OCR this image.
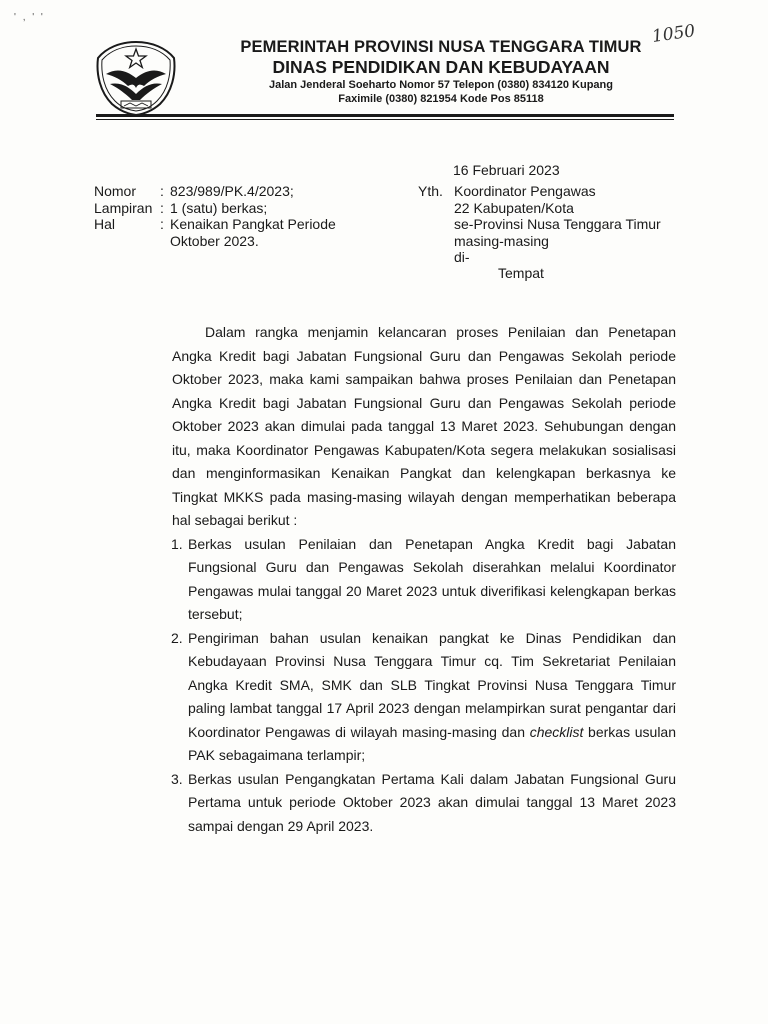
' , ' '
1050
PEMERINTAH PROVINSI NUSA TENGGARA TIMUR
DINAS PENDIDIKAN DAN KEBUDAYAAN
Jalan Jenderal Soeharto Nomor 57 Telepon (0380) 834120 Kupang
Faximile (0380) 821954 Kode Pos 85118
16 Februari 2023
Nomor	: 823/989/PK.4/2023;
Lampiran : 1 (satu) berkas;
Hal	: Kenaikan Pangkat Periode Oktober 2023.
Yth. Koordinator Pengawas
22 Kabupaten/Kota
se-Provinsi Nusa Tenggara Timur
masing-masing
di-
Tempat

Dalam rangka menjamin kelancaran proses Penilaian dan Penetapan Angka Kredit bagi Jabatan Fungsional Guru dan Pengawas Sekolah periode Oktober 2023, maka kami sampaikan bahwa proses Penilaian dan Penetapan Angka Kredit bagi Jabatan Fungsional Guru dan Pengawas Sekolah periode Oktober 2023 akan dimulai pada tanggal 13 Maret 2023. Sehubungan dengan itu, maka Koordinator Pengawas Kabupaten/Kota segera melakukan sosialisasi dan menginformasikan Kenaikan Pangkat dan kelengkapan berkasnya ke Tingkat MKKS pada masing-masing wilayah dengan memperhatikan beberapa hal sebagai berikut :

1. Berkas usulan Penilaian dan Penetapan Angka Kredit bagi Jabatan Fungsional Guru dan Pengawas Sekolah diserahkan melalui Koordinator Pengawas mulai tanggal 20 Maret 2023 untuk diverifikasi kelengkapan berkas tersebut;

2. Pengiriman bahan usulan kenaikan pangkat ke Dinas Pendidikan dan Kebudayaan Provinsi Nusa Tenggara Timur cq. Tim Sekretariat Penilaian Angka Kredit SMA, SMK dan SLB Tingkat Provinsi Nusa Tenggara Timur paling lambat tanggal 17 April 2023 dengan melampirkan surat pengantar dari Koordinator Pengawas di wilayah masing-masing dan checklist berkas usulan PAK sebagaimana terlampir;

3. Berkas usulan Pengangkatan Pertama Kali dalam Jabatan Fungsional Guru Pertama untuk periode Oktober 2023 akan dimulai tanggal 13 Maret 2023 sampai dengan 29 April 2023.
